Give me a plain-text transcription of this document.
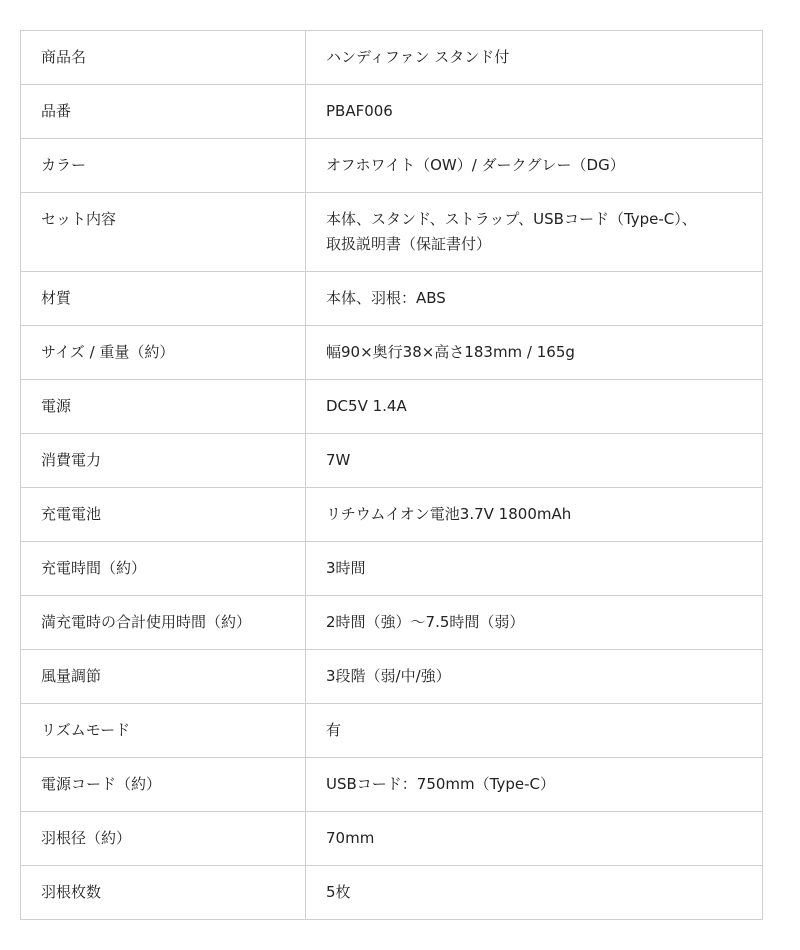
商品名	ハンディファン スタンド付
品番	PBAF006
カラー	オフホワイト（OW）/ ダークグレー（DG）
セット内容	本体、スタンド、ストラップ、USBコード（Type-C）、
取扱説明書（保証書付）
材質	本体、羽根：ABS
サイズ / 重量（約）	幅90×奥行38×高さ183mm / 165g
電源	DC5V 1.4A
消費電力	7W
充電電池	リチウムイオン電池3.7V 1800mAh
充電時間（約）	3時間
満充電時の合計使用時間（約）	2時間（強）〜7.5時間（弱）
風量調節	3段階（弱/中/強）
リズムモード	有
電源コード（約）	USBコード：750mm（Type-C）
羽根径（約）	70mm
羽根枚数	5枚
